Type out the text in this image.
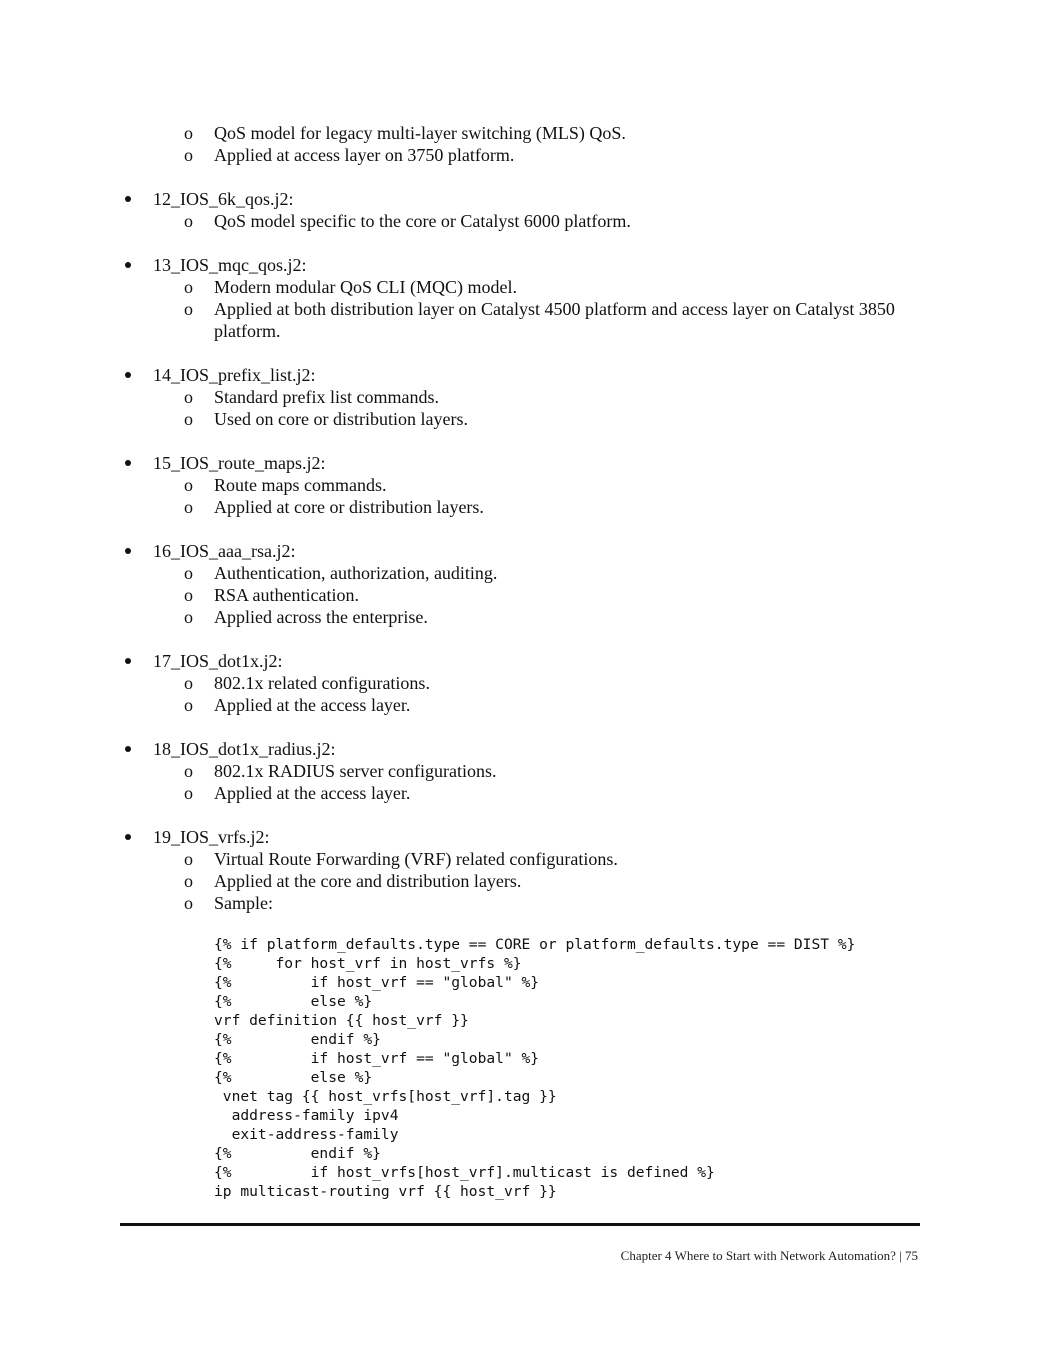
o QoS model for legacy multi-layer switching (MLS) QoS.
o Applied at access layer on 3750 platform.
12_IOS_6k_qos.j2:
o QoS model specific to the core or Catalyst 6000 platform.
13_IOS_mqc_qos.j2:
o Modern modular QoS CLI (MQC) model.
o Applied at both distribution layer on Catalyst 4500 platform and access layer on Catalyst 3850 platform.
14_IOS_prefix_list.j2:
o Standard prefix list commands.
o Used on core or distribution layers.
15_IOS_route_maps.j2:
o Route maps commands.
o Applied at core or distribution layers.
16_IOS_aaa_rsa.j2:
o Authentication, authorization, auditing.
o RSA authentication.
o Applied across the enterprise.
17_IOS_dot1x.j2:
o 802.1x related configurations.
o Applied at the access layer.
18_IOS_dot1x_radius.j2:
o 802.1x RADIUS server configurations.
o Applied at the access layer.
19_IOS_vrfs.j2:
o Virtual Route Forwarding (VRF) related configurations.
o Applied at the core and distribution layers.
o Sample:
{% if platform_defaults.type == CORE or platform_defaults.type == DIST %}
{%     for host_vrf in host_vrfs %}
{%         if host_vrf == "global" %}
{%         else %}
vrf definition {{ host_vrf }}
{%         endif %}
{%         if host_vrf == "global" %}
{%         else %}
vnet tag {{ host_vrfs[host_vrf].tag }}
address-family ipv4
exit-address-family
{%         endif %}
{%         if host_vrfs[host_vrf].multicast is defined %}
ip multicast-routing vrf {{ host_vrf }}
Chapter 4 Where to Start with Network Automation? | 75
